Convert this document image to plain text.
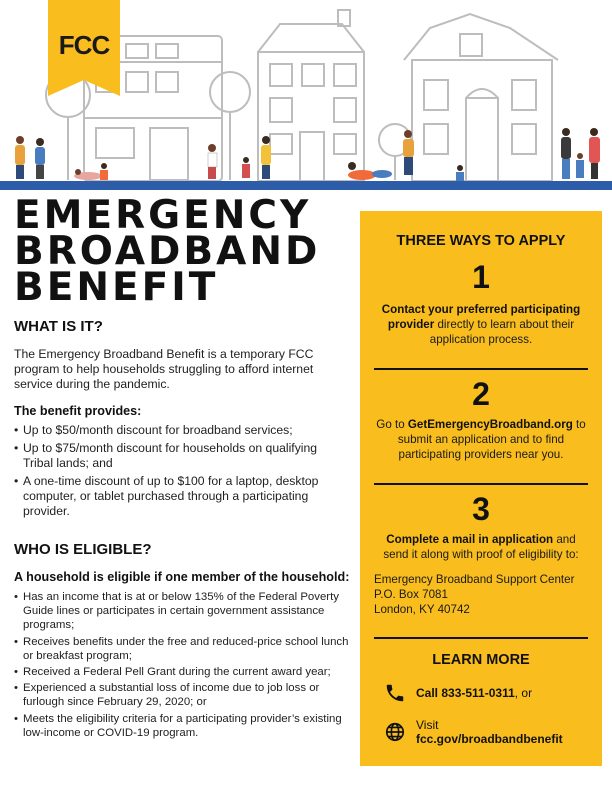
FCC
EMERGENCY
BROADBAND
BENEFIT
WHAT IS IT?
The Emergency Broadband Benefit is a temporary FCC program to help households struggling to afford internet service during the pandemic.
The benefit provides:
• Up to $50/month discount for broadband services;
• Up to $75/month discount for households on qualifying Tribal lands; and
• A one-time discount of up to $100 for a laptop, desktop computer, or tablet purchased through a participating provider.
WHO IS ELIGIBLE?
A household is eligible if one member of the household:
• Has an income that is at or below 135% of the Federal Poverty Guide lines or participates in certain government assistance programs;
• Receives benefits under the free and reduced-price school lunch or breakfast program;
• Received a Federal Pell Grant during the current award year;
• Experienced a substantial loss of income due to job loss or furlough since February 29, 2020; or
• Meets the eligibility criteria for a participating provider’s existing low-income or COVID-19 program.
THREE WAYS TO APPLY
1
Contact your preferred participating provider directly to learn about their application process.
2
Go to GetEmergencyBroadband.org to submit an application and to find participating providers near you.
3
Complete a mail in application and send it along with proof of eligibility to:
Emergency Broadband Support Center
P.O. Box 7081
London, KY 40742
LEARN MORE
Call 833-511-0311, or
Visit fcc.gov/broadbandbenefit
